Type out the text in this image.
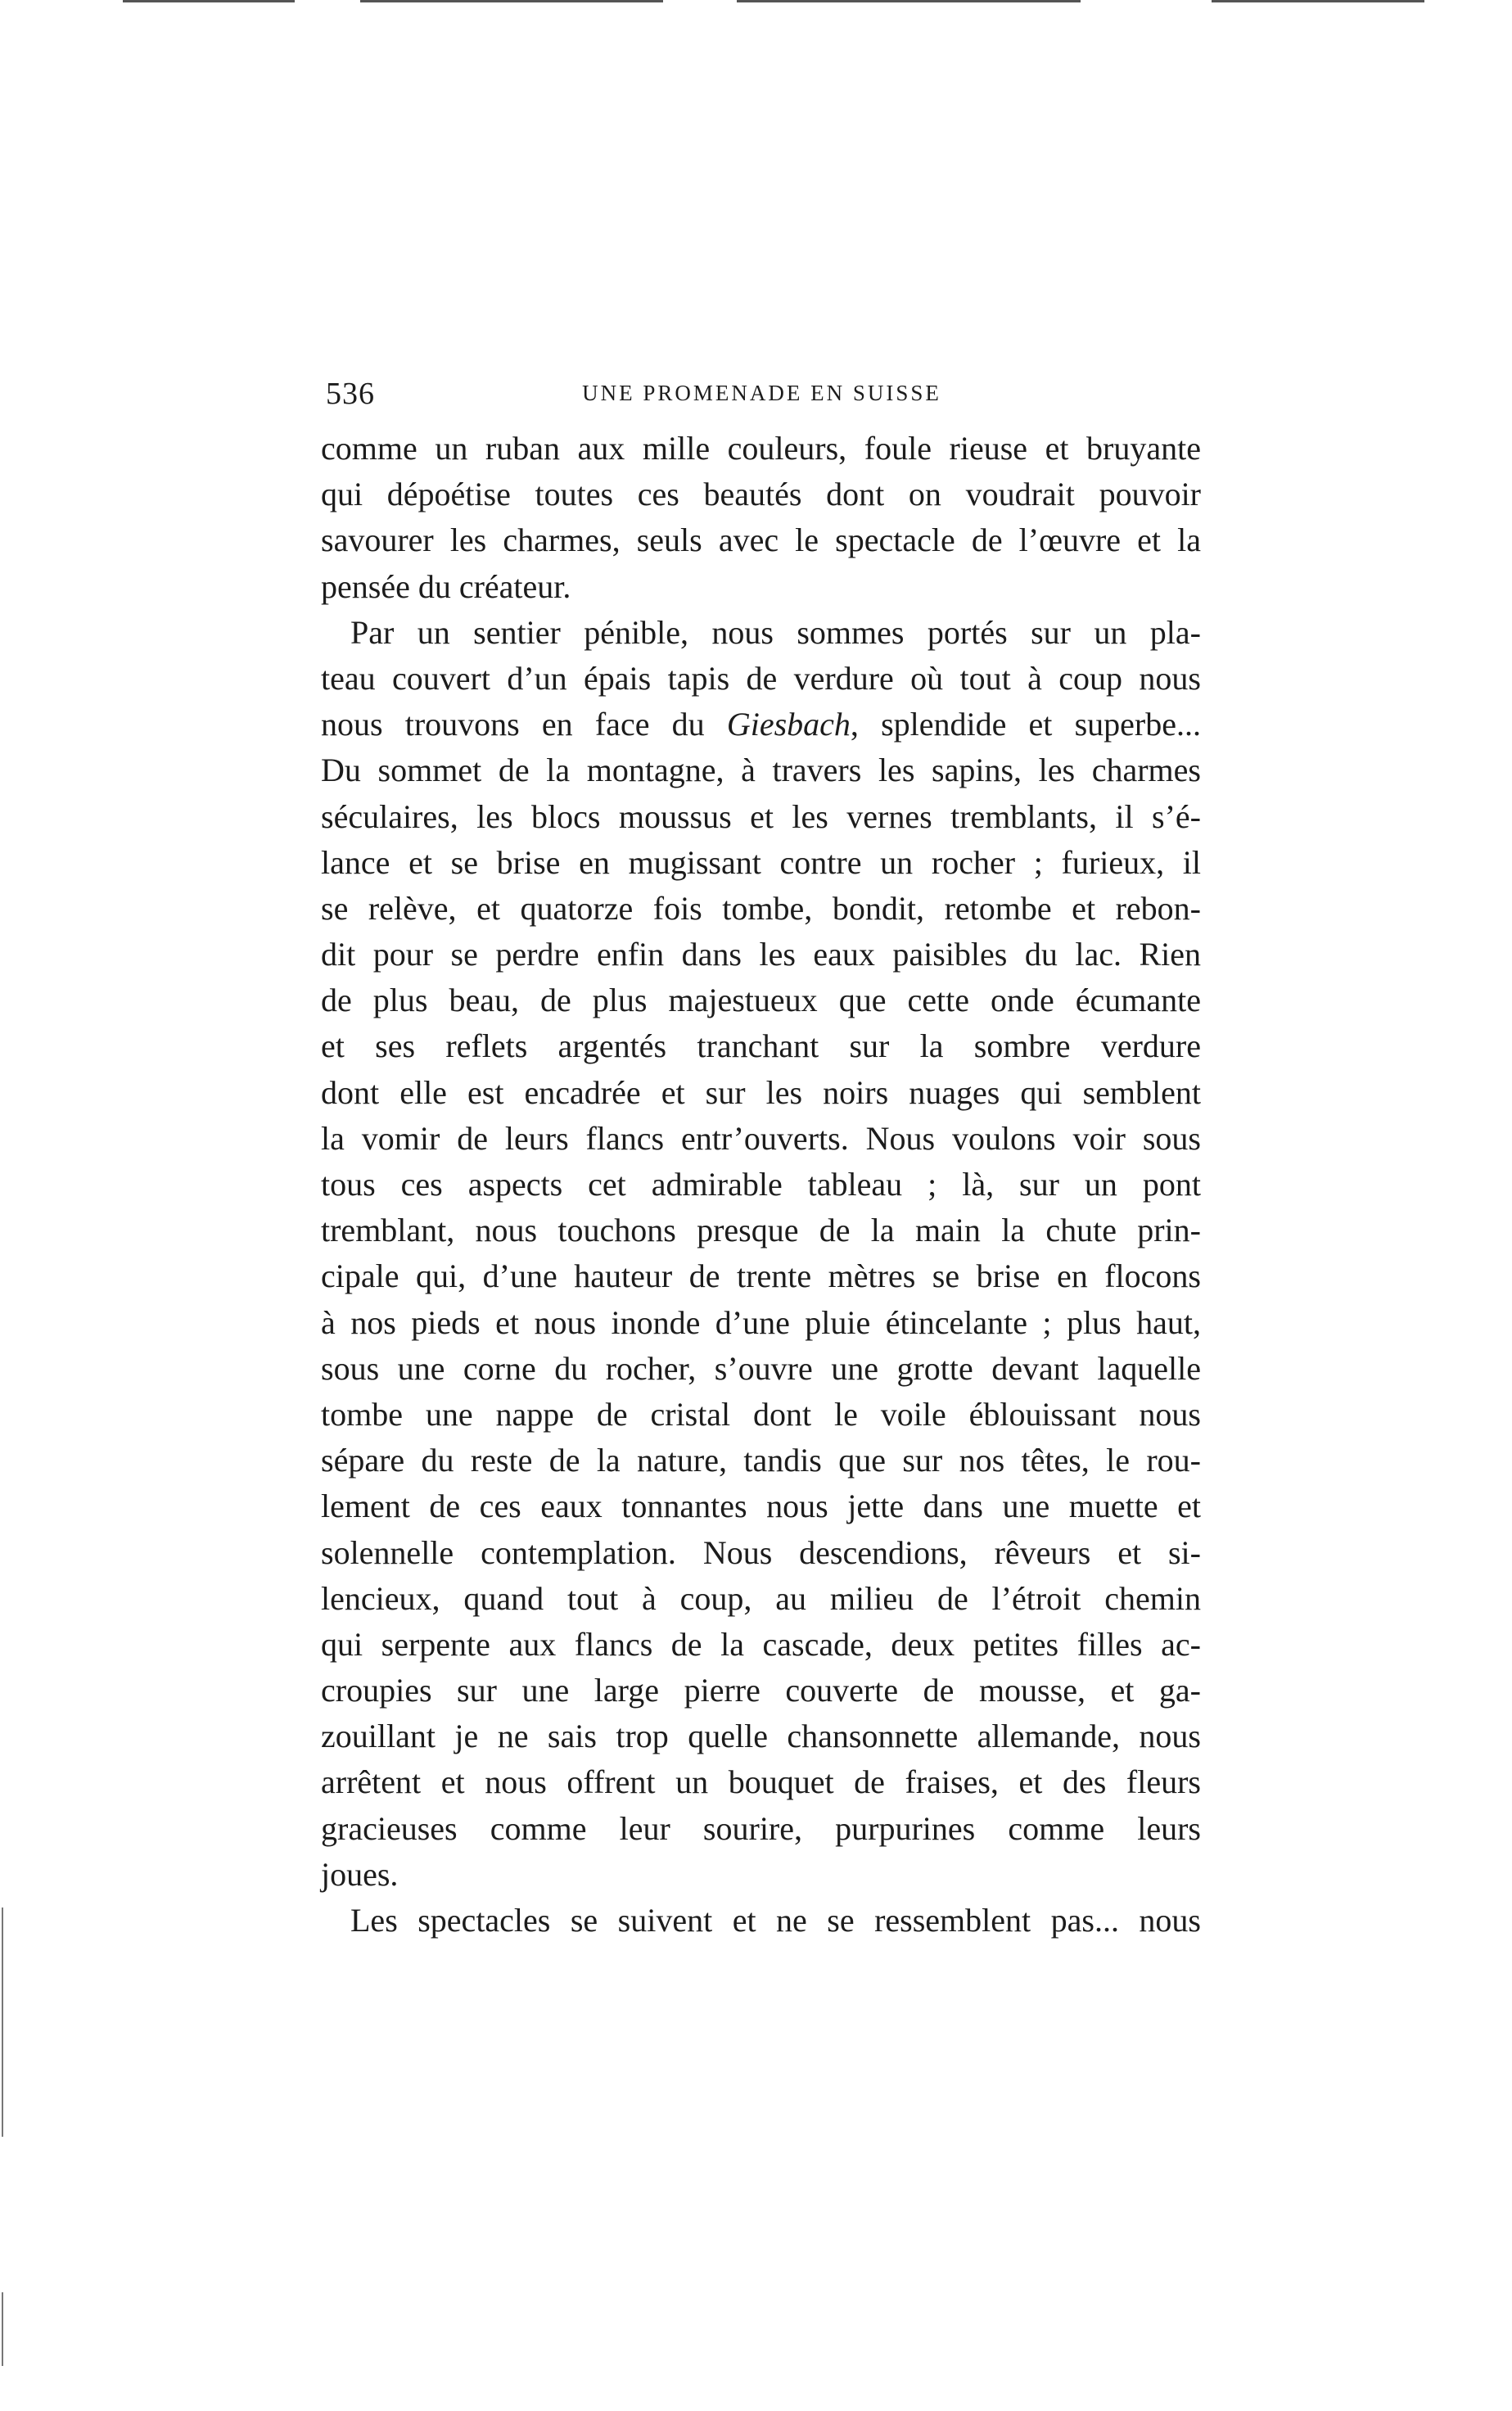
536	UNE PROMENADE EN SUISSE
comme un ruban aux mille couleurs, foule rieuse et bruyante
qui dépoétise toutes ces beautés dont on voudrait pouvoir
savourer les charmes, seuls avec le spectacle de l’œuvre et la
pensée du créateur.
Par un sentier pénible, nous sommes portés sur un pla-
teau couvert d’un épais tapis de verdure où tout à coup nous
nous trouvons en face du Giesbach, splendide et superbe...
Du sommet de la montagne, à travers les sapins, les charmes
séculaires, les blocs moussus et les vernes tremblants, il s’é-
lance et se brise en mugissant contre un rocher ; furieux, il
se relève, et quatorze fois tombe, bondit, retombe et rebon-
dit pour se perdre enfin dans les eaux paisibles du lac. Rien
de plus beau, de plus majestueux que cette onde écumante
et ses reflets argentés tranchant sur la sombre verdure
dont elle est encadrée et sur les noirs nuages qui semblent
la vomir de leurs flancs entr’ouverts. Nous voulons voir sous
tous ces aspects cet admirable tableau ; là, sur un pont
tremblant, nous touchons presque de la main la chute prin-
cipale qui, d’une hauteur de trente mètres se brise en flocons
à nos pieds et nous inonde d’une pluie étincelante ; plus haut,
sous une corne du rocher, s’ouvre une grotte devant laquelle
tombe une nappe de cristal dont le voile éblouissant nous
sépare du reste de la nature, tandis que sur nos têtes, le rou-
lement de ces eaux tonnantes nous jette dans une muette et
solennelle contemplation. Nous descendions, rêveurs et si-
lencieux, quand tout à coup, au milieu de l’étroit chemin
qui serpente aux flancs de la cascade, deux petites filles ac-
croupies sur une large pierre couverte de mousse, et ga-
zouillant je ne sais trop quelle chansonnette allemande, nous
arrêtent et nous offrent un bouquet de fraises, et des fleurs
gracieuses comme leur sourire, purpurines comme leurs
joues.
Les spectacles se suivent et ne se ressemblent pas... nous
